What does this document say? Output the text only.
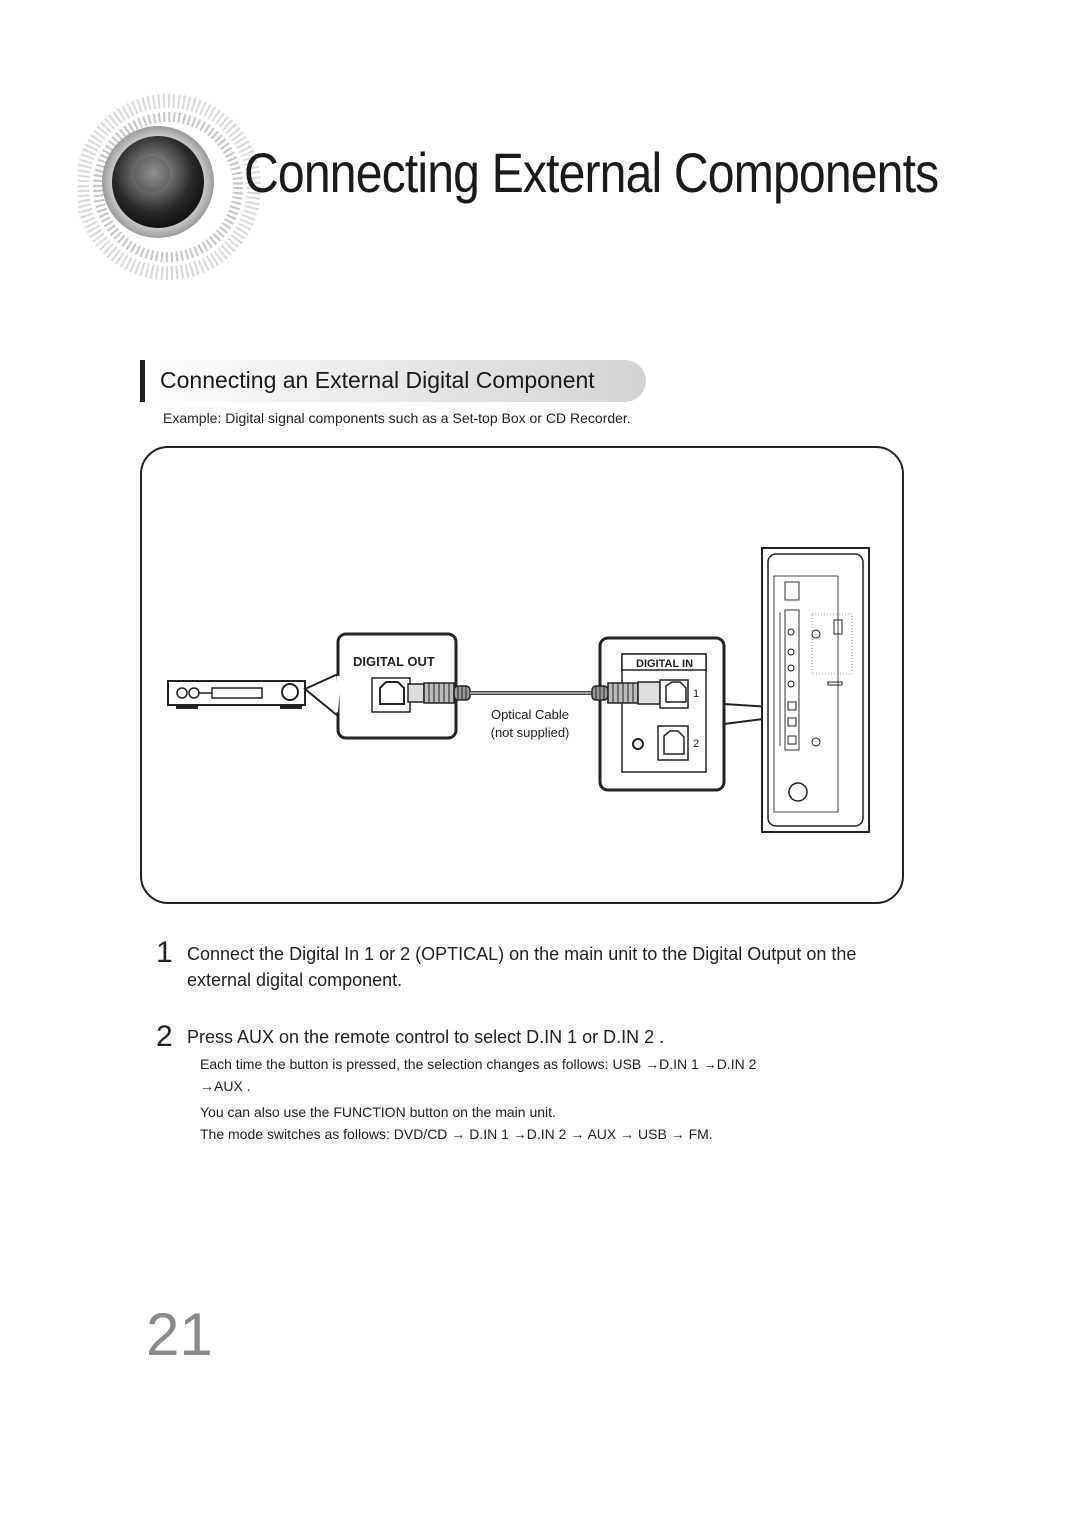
Connecting External Components
Connecting an External Digital Component
Example: Digital signal components such as a Set-top Box or CD Recorder.
DIGITAL OUT
Optical Cable
(not supplied)
DIGITAL IN
1
2
1 Connect the Digital In 1 or 2 (OPTICAL) on the main unit to the Digital Output on the
external digital component.
2 Press AUX on the remote control to select D.IN 1 or D.IN 2 .
Each time the button is pressed, the selection changes as follows: USB →D.IN 1 →D.IN 2
→AUX .
You can also use the FUNCTION button on the main unit.
The mode switches as follows: DVD/CD → D.IN 1 →D.IN 2 → AUX → USB → FM.
21
